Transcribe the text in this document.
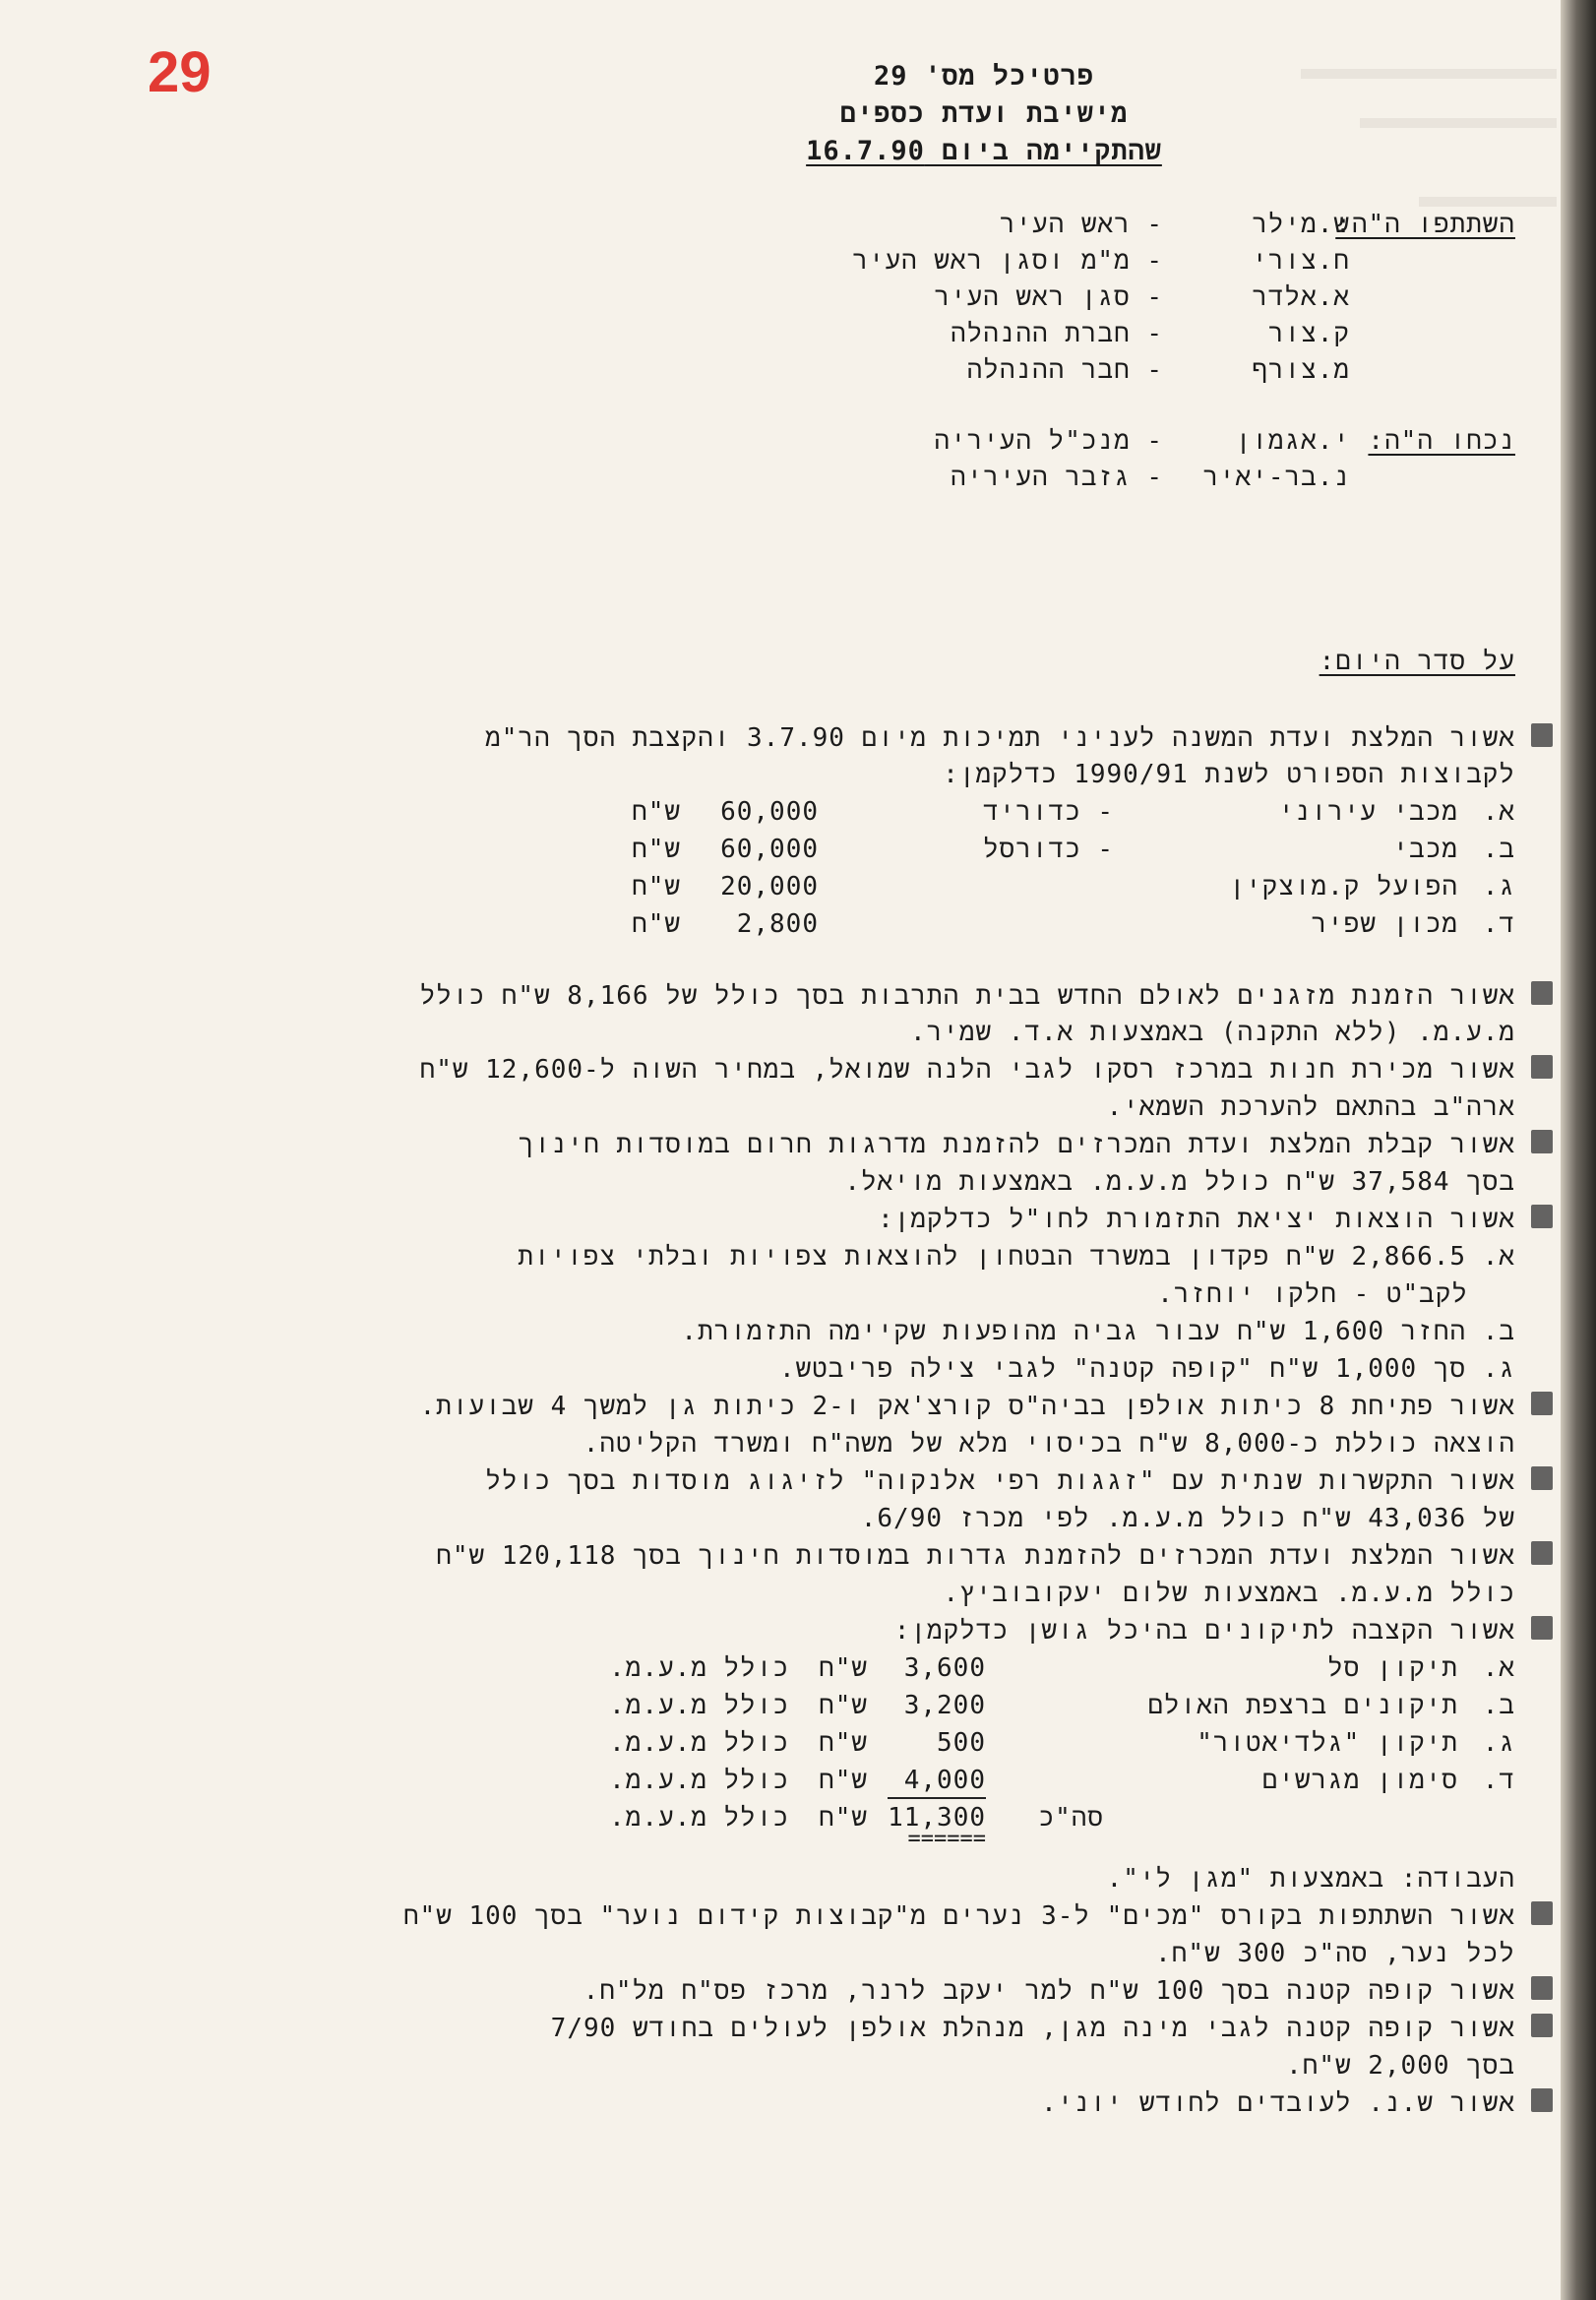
29	פרטיכל מס' 29
מישיבת ועדת כספים
שהתקיימה ביום 16.7.90
השתתפו ה"ה:
ש.מילר
- ראש העיר
ח.צורי
- מ"מ וסגן ראש העיר
א.אלדר
- סגן ראש העיר
ק.צור
- חברת ההנהלה
מ.צורף
- חבר ההנהלה
נכחו ה"ה:
י.אגמון
- מנכ"ל העיריה
נ.בר-יאיר
- גזבר העיריה
על סדר היום:
אשור המלצת ועדת המשנה לעניני תמיכות מיום 3.7.90 והקצבת הסך הר"מ
לקבוצות הספורט לשנת 1990/91 כדלקמן:
א.
מכבי עירוני
- כדוריד
60,000
ש"ח
ב.
מכבי
- כדורסל
60,000
ש"ח
ג.
הפועל ק.מוצקין
20,000
ש"ח
ד.
מכון שפיר
2,800
ש"ח
אשור הזמנת מזגנים לאולם החדש בבית התרבות בסך כולל של 8,166 ש"ח כולל
מ.ע.מ. (ללא התקנה) באמצעות א.ד. שמיר.
אשור מכירת חנות במרכז רסקו לגבי הלנה שמואל, במחיר השוה ל-12,600 ש"ח
ארה"ב בהתאם להערכת השמאי.
אשור קבלת המלצת ועדת המכרזים להזמנת מדרגות חרום במוסדות חינוך
בסך 37,584 ש"ח כולל מ.ע.מ. באמצעות מויאל.
אשור הוצאות יציאת התזמורת לחו"ל כדלקמן:
א. 2,866.5 ש"ח פקדון במשרד הבטחון להוצאות צפויות ובלתי צפויות
לקב"ט - חלקו יוחזר.
ב. החזר 1,600 ש"ח עבור גביה מהופעות שקיימה התזמורת.
ג. סך 1,000 ש"ח "קופה קטנה" לגבי צילה פריבטש.
אשור פתיחת 8 כיתות אולפן בביה"ס קורצ'אק ו-2 כיתות גן למשך 4 שבועות.
הוצאה כוללת כ-8,000 ש"ח בכיסוי מלא של משה"ח ומשרד הקליטה.
אשור התקשרות שנתית עם "זגגות רפי אלנקוה" לזיגוג מוסדות בסך כולל
של 43,036 ש"ח כולל מ.ע.מ. לפי מכרז 6/90.
אשור המלצת ועדת המכרזים להזמנת גדרות במוסדות חינוך בסך 120,118 ש"ח
כולל מ.ע.מ. באמצעות שלום יעקובוביץ.
אשור הקצבה לתיקונים בהיכל גושן כדלקמן:
א.
תיקון סל
3,600
ש"ח
כולל מ.ע.מ.
ב.
תיקונים ברצפת האולם
3,200
ש"ח
כולל מ.ע.מ.
ג.
תיקון "גלדיאטור"
500
ש"ח
כולל מ.ע.מ.
ד.
סימון מגרשים
4,000
ש"ח
כולל מ.ע.מ.
סה"כ
11,300
ש"ח
כולל מ.ע.מ.
======
העבודה: באמצעות "מגן לי".
אשור השתתפות בקורס "מכים" ל-3 נערים מ"קבוצות קידום נוער" בסך 100 ש"ח
לכל נער, סה"כ 300 ש"ח.
אשור קופה קטנה בסך 100 ש"ח למר יעקב לרנר, מרכז פס"ח מל"ח.
אשור קופה קטנה לגבי מינה מגן, מנהלת אולפן לעולים בחודש 7/90
בסך 2,000 ש"ח.
אשור ש.נ. לעובדים לחודש יוני.
